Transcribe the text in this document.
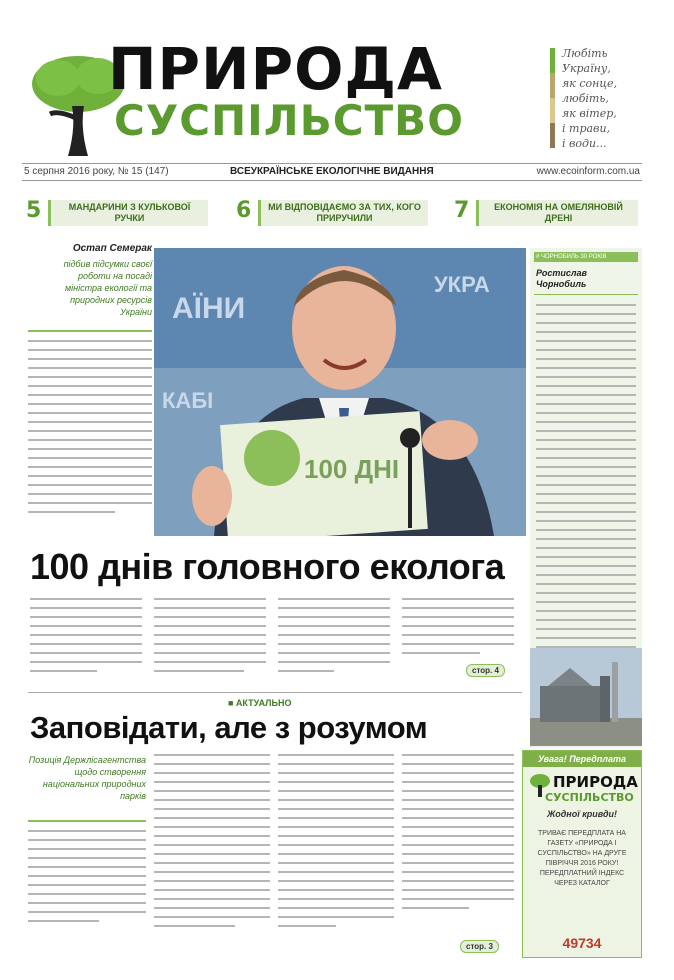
ПРИРОДА
СУСПІЛЬСТВО
Любіть
Україну,
як сонце,
любіть,
як вітер,
і трави,
і води...
5 серпня 2016 року, № 15 (147)	ВСЕУКРАЇНСЬКЕ ЕКОЛОГІЧНЕ ВИДАННЯ	www.ecoinform.com.ua
5	МАНДАРИНИ З КУЛЬКОВОЇ РУЧКИ	6	МИ ВІДПОВІДАЄМО ЗА ТИХ, КОГО ПРИРУЧИЛИ	7	ЕКОНОМІЯ НА ОМЕЛЯНОВІЙ ДРЕНІ
Остап Семерак
підбив підсумки своєї роботи на посаді міністра екології та природних ресурсів України АЇНИ
УКРА
КАБІ
100 ДНІ
100 днів головного еколога
стор. 4
■ АКТУАЛЬНО
Заповідати, але з розумом
Позиція Держлісагентства щодо створення національних природних парків
стор. 3
# ЧОРНОБИЛЬ 30 РОКІВ
Ростислав
Чорнобиль
Увага! Передплата
ПРИРОДА
СУСПІЛЬСТВО
Жодної кривди!
ТРИВАЄ ПЕРЕДПЛАТА НА ГАЗЕТУ «ПРИРОДА І СУСПІЛЬСТВО» НА ДРУГЕ ПІВРІЧЧЯ 2016 РОКУ! ПЕРЕДПЛАТНИЙ ІНДЕКС ЧЕРЕЗ КАТАЛОГ
49734
